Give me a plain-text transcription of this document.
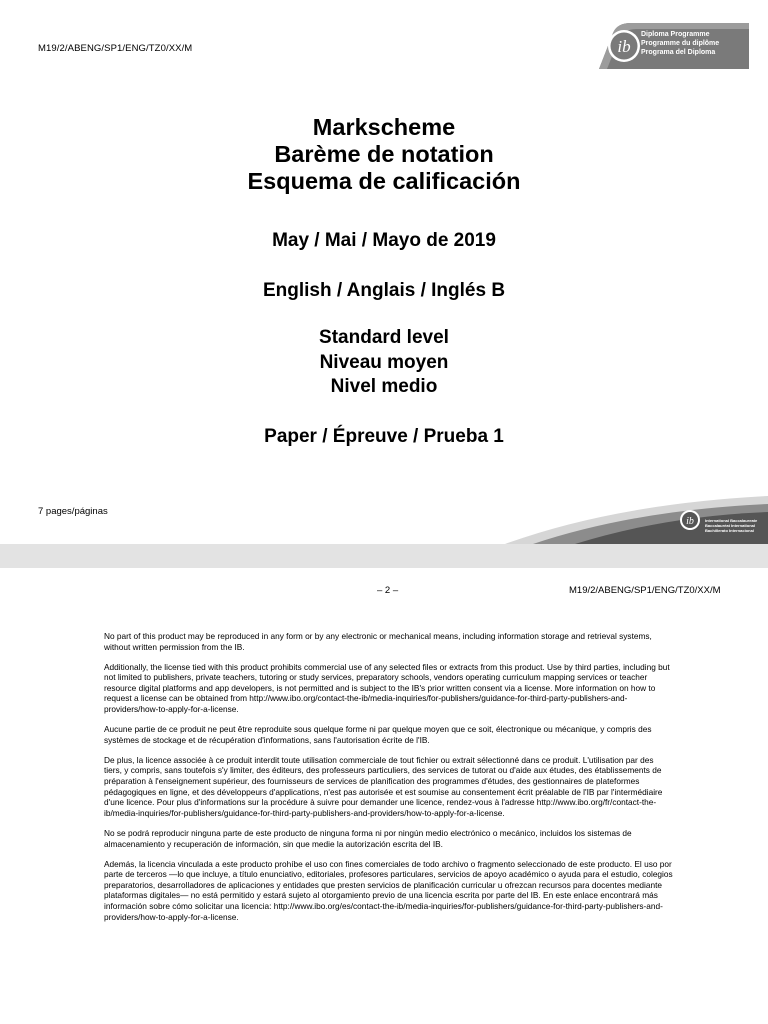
M19/2/ABENG/SP1/ENG/TZ0/XX/M	ib
Diploma Programme
Programme du diplôme
Programa del Diploma
Markscheme
Barème de notation
Esquema de calificación
May / Mai / Mayo de 2019
English / Anglais / Inglés B
Standard level
Niveau moyen
Nivel medio
Paper / Épreuve / Prueba 1
7 pages/páginas
ib	International Baccalaureate
Baccalauréat International
Bachillerato Internacional
– 2 –	M19/2/ABENG/SP1/ENG/TZ0/XX/M

No part of this product may be reproduced in any form or by any electronic or mechanical means, including information storage and retrieval systems, without written permission from the IB.

Additionally, the license tied with this product prohibits commercial use of any selected files or extracts from this product. Use by third parties, including but not limited to publishers, private teachers, tutoring or study services, preparatory schools, vendors operating curriculum mapping services or teacher resource digital platforms and app developers, is not permitted and is subject to the IB's prior written consent via a license. More information on how to request a license can be obtained from http://www.ibo.org/contact-the-ib/media-inquiries/for-publishers/guidance-for-third-party-publishers-and-providers/how-to-apply-for-a-license.

Aucune partie de ce produit ne peut être reproduite sous quelque forme ni par quelque moyen que ce soit, électronique ou mécanique, y compris des systèmes de stockage et de récupération d'informations, sans l'autorisation écrite de l'IB.

De plus, la licence associée à ce produit interdit toute utilisation commerciale de tout fichier ou extrait sélectionné dans ce produit. L'utilisation par des tiers, y compris, sans toutefois s'y limiter, des éditeurs, des professeurs particuliers, des services de tutorat ou d'aide aux études, des établissements de préparation à l'enseignement supérieur, des fournisseurs de services de planification des programmes d'études, des gestionnaires de plateformes pédagogiques en ligne, et des développeurs d'applications, n'est pas autorisée et est soumise au consentement écrit préalable de l'IB par l'intermédiaire d'une licence. Pour plus d'informations sur la procédure à suivre pour demander une licence, rendez-vous à l'adresse http://www.ibo.org/fr/contact-the-ib/media-inquiries/for-publishers/guidance-for-third-party-publishers-and-providers/how-to-apply-for-a-license.

No se podrá reproducir ninguna parte de este producto de ninguna forma ni por ningún medio electrónico o mecánico, incluidos los sistemas de almacenamiento y recuperación de información, sin que medie la autorización escrita del IB.

Además, la licencia vinculada a este producto prohíbe el uso con fines comerciales de todo archivo o fragmento seleccionado de este producto. El uso por parte de terceros —lo que incluye, a título enunciativo, editoriales, profesores particulares, servicios de apoyo académico o ayuda para el estudio, colegios preparatorios, desarrolladores de aplicaciones y entidades que presten servicios de planificación curricular u ofrezcan recursos para docentes mediante plataformas digitales— no está permitido y estará sujeto al otorgamiento previo de una licencia escrita por parte del IB. En este enlace encontrará más información sobre cómo solicitar una licencia: http://www.ibo.org/es/contact-the-ib/media-inquiries/for-publishers/guidance-for-third-party-publishers-and-providers/how-to-apply-for-a-license.
